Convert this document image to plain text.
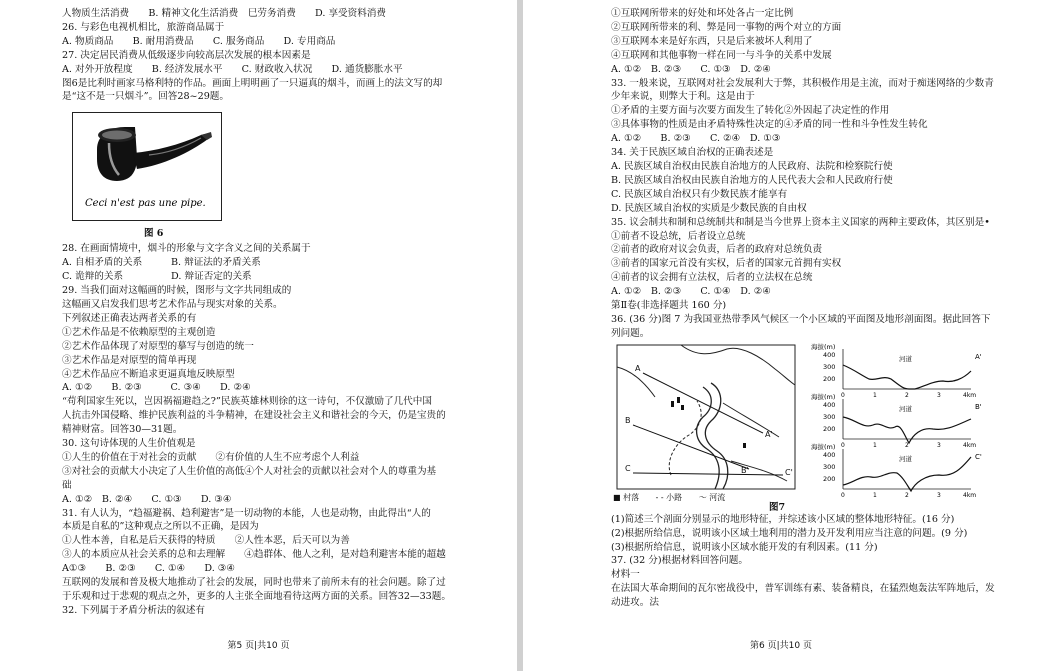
人物质生活消费　　B. 精神文化生活消费　巳劳务消费　　D. 享受资料消费
26. 与彩色电视机相比，旅游商品属于
A. 物质商品　　B. 耐用消费品　　C. 服务商品　　D. 专用商品
27. 决定居民消费从低级逐步向较高层次发展的根本因素是
A. 对外开放程度　　B. 经济发展水平　　C. 财政收入状况　　D. 通货膨胀水平
图6是比利时画家马格利特的作品。画面上明明画了一只逼真的烟斗，而画上的法文写的却
是“这不是一只烟斗”。回答28~29题。
Ceci n'est pas une pipe.
图 6
28. 在画面情境中，烟斗的形象与文字含义之间的关系属于
A. 自相矛盾的关系　　　B. 辩证法的矛盾关系
C. 诡辩的关系　　　　　D. 辩证否定的关系
29. 当我们面对这幅画的时候，图形与文字共同组成的
这幅画又启发我们思考艺术作品与现实对象的关系。
下列叙述正确表达两者关系的有
①艺术作品是不依赖原型的主观创造
②艺术作品体现了对原型的摹写与创造的统一
③艺术作品是对原型的简单再现
④艺术作品应不断追求更逼真地反映原型
A. ①②　　B. ②③　　　C. ③④　　D. ②④
“苟利国家生死以，岂因祸福避趋之?”民族英雄林则徐的这一诗句，不仅激励了几代中国
人抗击外国侵略、维护民族利益的斗争精神，在建设社会主义和谐社会的今天，仍是宝贵的
精神财富。回答30—31题。
30. 这句诗体现的人生价值观是
①人生的价值在于对社会的贡献　　②有价值的人生不应考虑个人利益
③对社会的贡献大小决定了人生价值的高低④个人对社会的贡献以社会对个人的尊重为基
础
A. ①②　B. ②④　　C. ①③　　D. ③④
31. 有人认为，“趋福避祸、趋利避害”是一切动物的本能，人也是动物，由此得出“人的
本质是自私的”这种观点之所以不正确，是因为
①人性本善，自私是后天获得的特质　　②人性本恶，后天可以为善
③人的本质应从社会关系的总和去理解　　④趋群体、他人之利，是对趋利避害本能的超越
A①③　　B. ②③　　C. ①④　　D. ③④
互联网的发展和普及极大地推动了社会的发展，同时也带来了前所未有的社会问题。除了过
于乐观和过于悲观的观点之外，更多的人主张全面地看待这两方面的关系。回答32—33题。
32. 下列属于矛盾分析法的叙述有
第5 页|共10 页
①互联网所带来的好处和坏处各占一定比例
②互联网所带来的利、弊是同一事物的两个对立的方面
③互联网本来是好东西，只是后来被坏人利用了
④互联网和其他事物一样在同一与斗争的关系中发展
A. ①②　B. ②③　　C. ①③　D. ②④
33. 一般来说，互联网对社会发展利大于弊，其积极作用是主流，而对于痴迷网络的少数青
少年来说，则弊大于利。这是由于
①矛盾的主要方面与次要方面发生了转化②外因起了决定性的作用
③具体事物的性质是由矛盾特殊性决定的④矛盾的同一性和斗争性发生转化
A. ①②　　B. ②③　　C. ②④　D. ①③
34. 关于民族区域自治权的正确表述是
A. 民族区域自治权由民族自治地方的人民政府、法院和检察院行使
B. 民族区域自治权由民族自治地方的人民代表大会和人民政府行使
C. 民族区域自治权只有少数民族才能享有
D. 民族区域自治权的实质是少数民族的自由权
35. 议会制共和制和总统制共和制是当今世界上资本主义国家的两种主要政体，其区别是•
①前者不设总统，后者设立总统
②前者的政府对议会负责，后者的政府对总统负责
③前者的国家元首没有实权，后者的国家元首拥有实权
④前者的议会拥有立法权，后者的立法权在总统
A. ①②　B. ②③　　C. ①④　D. ②④
第Ⅱ卷(非选择题共 160 分)
36. (36 分)图 7 为我国亚热带季风气候区一个小区域的平面图及地形剖面图。据此回答下
列问题。
A
A'
B
B'
C	C'
海拔(m)
400
300
200
河道	A'
0	1	2	3	4km
海拔(m)
400
300
200
河道	B'
0	1	2	3	4km
海拔(m)
400
300
200
河道	C'
0	1	2	3	4km
■ 村落 - - 小路 ～ 河流
图7
(1)简述三个剖面分别显示的地形特征，并综述该小区域的整体地形特征。(16 分)
(2)根据所给信息，说明该小区域土地利用的潜力及开发利用应当注意的问题。(9 分)
(3)根据所给信息，说明该小区域水能开发的有利因素。(11 分)
37. (32 分)根据材料回答问题。
材料一
在法国大革命期间的瓦尔密战役中，普军训练有素、装备精良，在猛烈炮轰法军阵地后，发
动进攻。法
第6 页|共10 页
